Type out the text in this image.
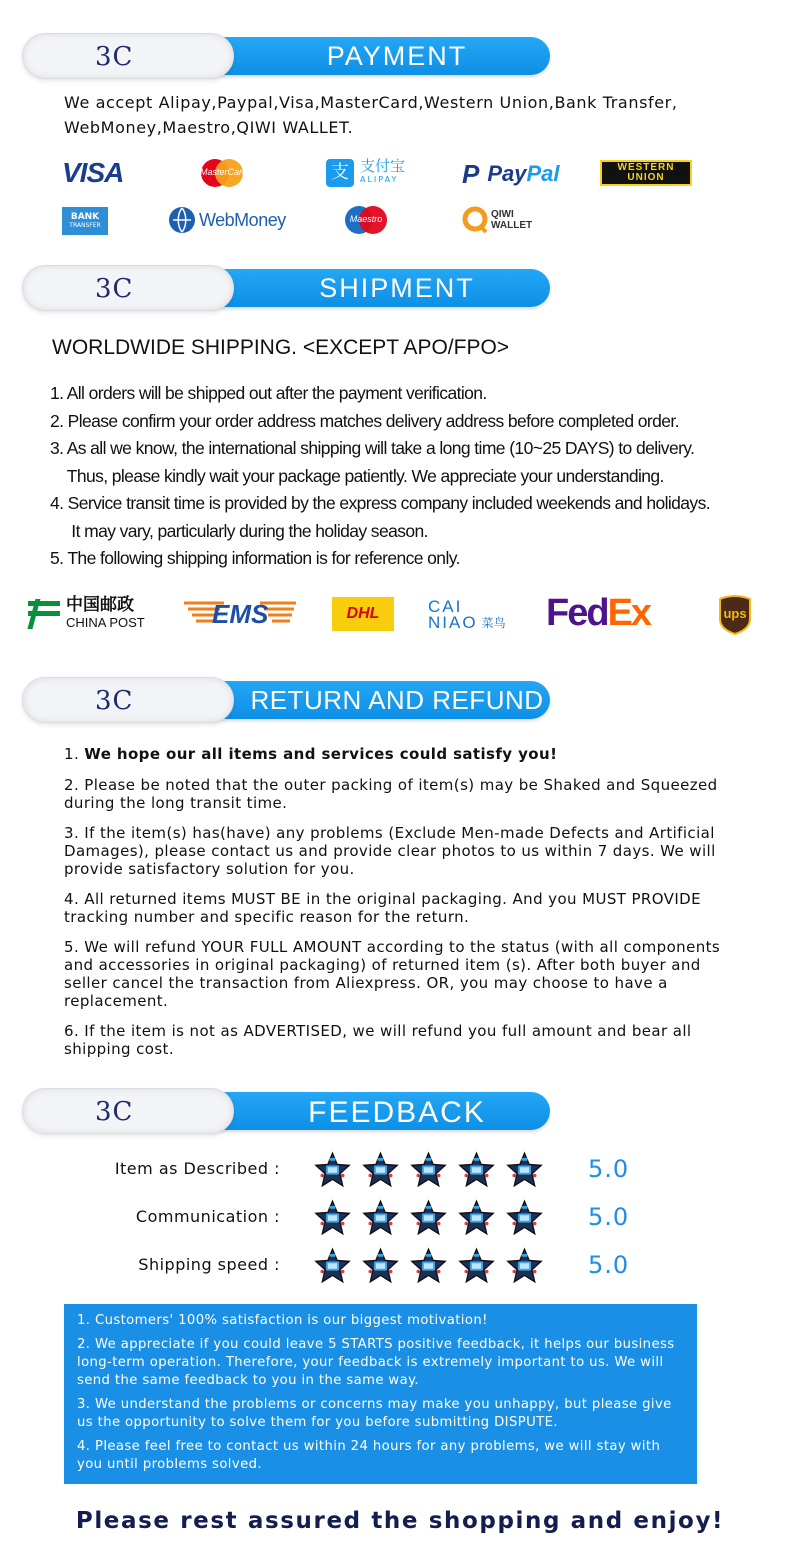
PAYMENT
3C
We accept Alipay,Paypal,Visa,MasterCard,Western Union,Bank Transfer, WebMoney,Maestro,QIWI WALLET.
VISA	MasterCard	支 支付宝
ALIPAY P Pay Pal	WESTERN
UNION
BANK
TRANSFER	WebMoney	Maestro	QIWI
WALLET
SHIPMENT
3C
WORLDWIDE SHIPPING. <EXCEPT APO/FPO>
1. All orders will be shipped out after the payment verification.
2. Please confirm your order address matches delivery address before completed order.
3. As all we know, the international shipping will take a long time (10~25 DAYS) to delivery.
Thus, please kindly wait your package patiently. We appreciate your understanding.
4. Service transit time is provided by the express company included weekends and holidays.
It may vary, particularly during the holiday season.
5. The following shipping information is for reference only.
中国邮政
CHINA POST	EMS	DHL	CAI
NIAO 菜鸟 Fed Ex	ups
RETURN AND REFUND
3C
1. We hope our all items and services could satisfy you!
2. Please be noted that the outer packing of item(s) may be Shaked and Squeezed during the long transit time.
3. If the item(s) has(have) any problems (Exclude Men-made Defects and Artificial Damages), please contact us and provide clear photos to us within 7 days. We will provide satisfactory solution for you.
4. All returned items MUST BE in the original packaging. And you MUST PROVIDE tracking number and specific reason for the return.
5. We will refund YOUR FULL AMOUNT according to the status (with all components and accessories in original packaging) of returned item (s). After both buyer and seller cancel the transaction from Aliexpress. OR, you may choose to have a replacement.
6. If the item is not as ADVERTISED, we will refund you full amount and bear all shipping cost.
FEEDBACK
3C
Item as Described :	5.0
Communication :	5.0
Shipping speed :	5.0
1. Customers' 100% satisfaction is our biggest motivation!
2. We appreciate if you could leave 5 STARTS positive feedback, it helps our business long-term operation. Therefore, your feedback is extremely important to us. We will send the same feedback to you in the same way.
3. We understand the problems or concerns may make you unhappy, but please give us the opportunity to solve them for you before submitting DISPUTE.
4. Please feel free to contact us within 24 hours for any problems, we will stay with you until problems solved.
Please rest assured the shopping and enjoy!
